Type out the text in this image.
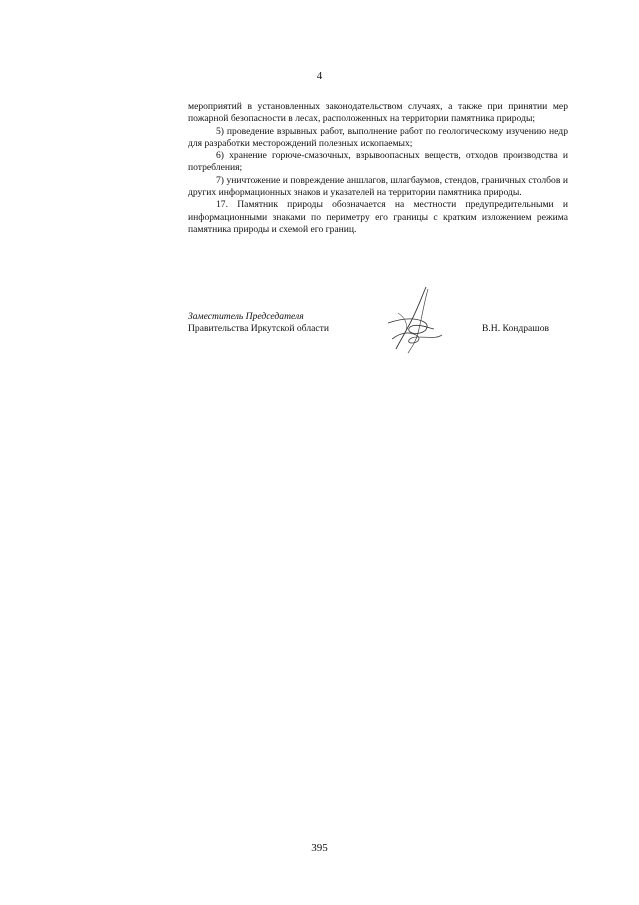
4

мероприятий в установленных законодательством случаях, а также при принятии мер пожарной безопасности в лесах, расположенных на территории памятника природы;

5) проведение взрывных работ, выполнение работ по геологическому изучению недр для разработки месторождений полезных ископаемых;

6) хранение горюче-смазочных, взрывоопасных веществ, отходов производства и потребления;

7) уничтожение и повреждение аншлагов, шлагбаумов, стендов, граничных столбов и других информационных знаков и указателей на территории памятника природы.

17. Памятник природы обозначается на местности предупредительными и информационными знаками по периметру его границы с кратким изложением режима памятника природы и схемой его границ.

Заместитель Председателя
Правительства Иркутской области	В.Н. Кондрашов
395
